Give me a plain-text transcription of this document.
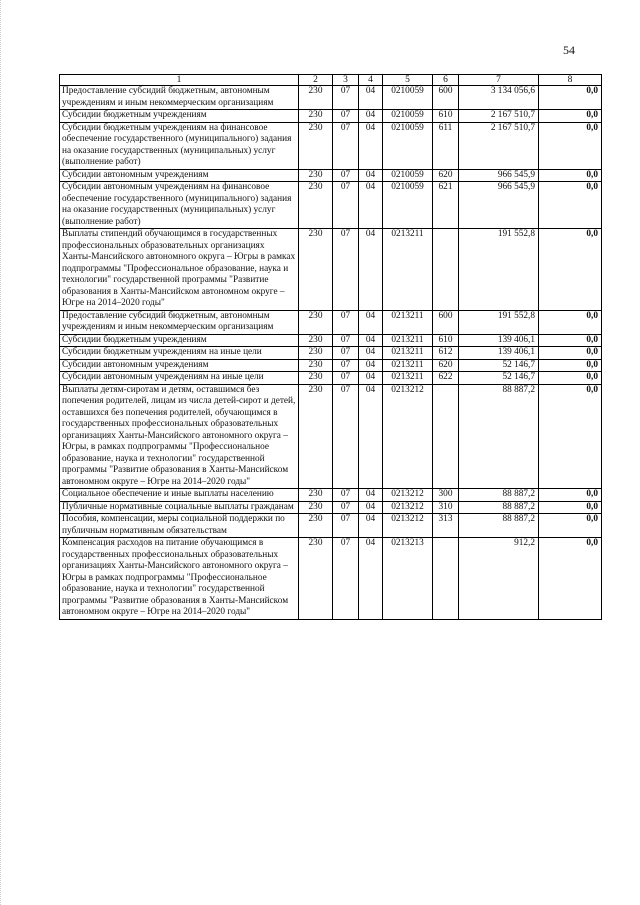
54
1	2	3	4	5	6	7	8
Предоставление субсидий бюджетным, автономным учреждениям и иным некоммерческим организациям	230	07	04	0210059	600	3 134 056,6	0,0
Субсидии бюджетным учреждениям	230	07	04	0210059	610	2 167 510,7	0,0
Субсидии бюджетным учреждениям на финансовое обеспечение государственного (муниципального) задания на оказание государственных (муниципальных) услуг (выполнение работ)	230	07	04	0210059	611	2 167 510,7	0,0
Субсидии автономным учреждениям	230	07	04	0210059	620	966 545,9	0,0
Субсидии автономным учреждениям на финансовое обеспечение государственного (муниципального) задания на оказание государственных (муниципальных) услуг (выполнение работ)	230	07	04	0210059	621	966 545,9	0,0
Выплаты стипендий обучающимся в государственных профессиональных образовательных организациях Ханты-Мансийского автономного округа – Югры в рамках подпрограммы "Профессиональное образование, наука и технологии" государственной программы "Развитие образования в Ханты-Мансийском автономном округе – Югре на 2014–2020 годы"	230	07	04	0213211		191 552,8	0,0
Предоставление субсидий бюджетным, автономным учреждениям и иным некоммерческим организациям	230	07	04	0213211	600	191 552,8	0,0
Субсидии бюджетным учреждениям	230	07	04	0213211	610	139 406,1	0,0
Субсидии бюджетным учреждениям на иные цели	230	07	04	0213211	612	139 406,1	0,0
Субсидии автономным учреждениям	230	07	04	0213211	620	52 146,7	0,0
Субсидии автономным учреждениям на иные цели	230	07	04	0213211	622	52 146,7	0,0
Выплаты детям-сиротам и детям, оставшимся без попечения родителей, лицам из числа детей-сирот и детей, оставшихся без попечения родителей, обучающимся в государственных профессиональных образовательных организациях Ханты-Мансийского автономного округа – Югры, в рамках подпрограммы "Профессиональное образование, наука и технологии" государственной программы "Развитие образования в Ханты-Мансийском автономном округе – Югре на 2014–2020 годы"	230	07	04	0213212		88 887,2	0,0
Социальное обеспечение и иные выплаты населению	230	07	04	0213212	300	88 887,2	0,0
Публичные нормативные социальные выплаты гражданам	230	07	04	0213212	310	88 887,2	0,0
Пособия, компенсации, меры социальной поддержки по публичным нормативным обязательствам	230	07	04	0213212	313	88 887,2	0,0
Компенсация расходов на питание обучающимся в государственных профессиональных образовательных организациях Ханты-Мансийского автономного округа – Югры в рамках подпрограммы "Профессиональное образование, наука и технологии" государственной программы "Развитие образования в Ханты-Мансийском автономном округе – Югре на 2014–2020 годы"	230	07	04	0213213		912,2	0,0
